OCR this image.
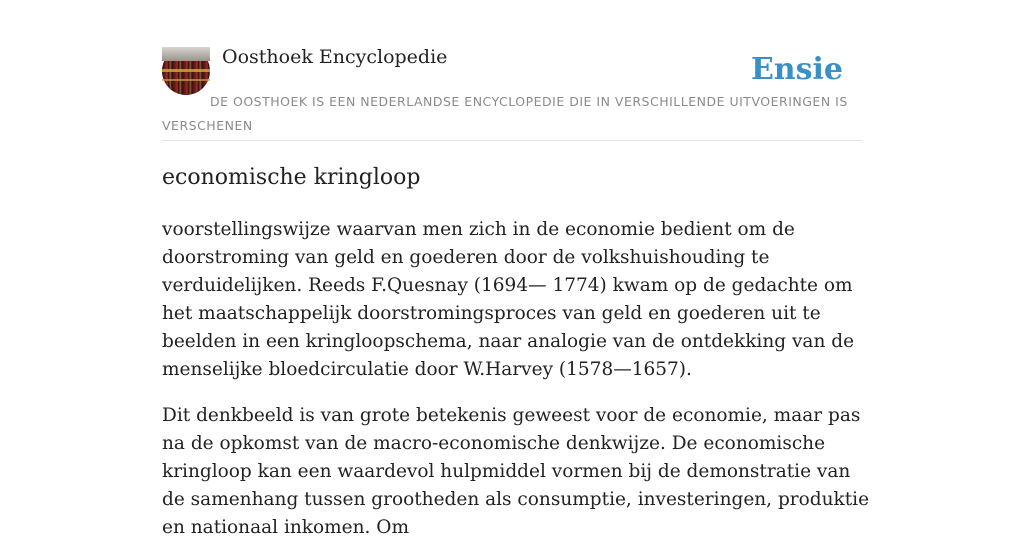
Oosthoek Encyclopedie	Ensie
DE OOSTHOEK IS EEN NEDERLANDSE ENCYCLOPEDIE DIE IN VERSCHILLENDE UITVOERINGEN IS VERSCHENEN
economische kringloop

voorstellingswijze waarvan men zich in de economie bedient om de doorstroming van geld en goederen door de volkshuishouding te verduidelijken. Reeds F.Quesnay (1694— 1774) kwam op de gedachte om het maatschappelijk doorstromingsproces van geld en goederen uit te beelden in een kringloopschema, naar analogie van de ontdekking van de menselijke bloedcirculatie door W.Harvey (1578—1657).

Dit denkbeeld is van grote betekenis geweest voor de economie, maar pas na de opkomst van de macro-economische denkwijze. De economische kringloop kan een waardevol hulpmiddel vormen bij de demonstratie van de samenhang tussen grootheden als consumptie, investeringen, produktie en nationaal inkomen. Om
